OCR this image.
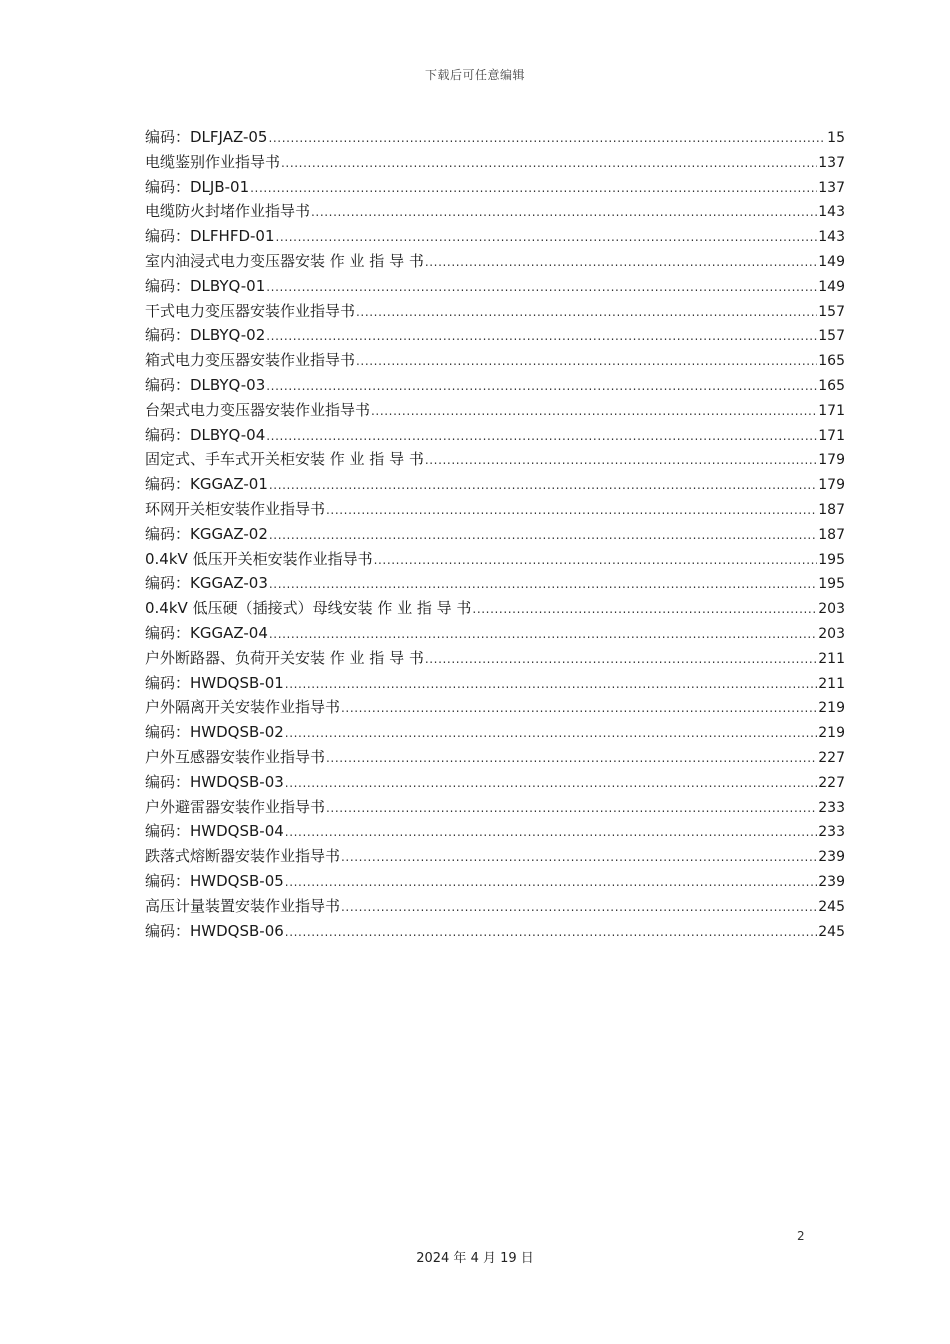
下载后可任意编辑
编码：DLFJAZ-05 .....	15
电缆鉴别作业指导书 .....	137
编码：DLJB-01 .....	137
电缆防火封堵作业指导书 .....	143
编码：DLFHFD-01 .....	143
室内油浸式电力变压器安装 作 业 指 导 书 .....	149
编码：DLBYQ-01 .....	149
干式电力变压器安装作业指导书 .....	157
编码：DLBYQ-02 .....	157
箱式电力变压器安装作业指导书 .....	165
编码：DLBYQ-03 .....	165
台架式电力变压器安装作业指导书 .....	171
编码：DLBYQ-04 .....	171
固定式、手车式开关柜安装 作 业 指 导 书 .....	179
编码：KGGAZ-01 .....	179
环网开关柜安装作业指导书 .....	187
编码：KGGAZ-02 .....	187
0.4kV 低压开关柜安装作业指导书 .....	195
编码：KGGAZ-03 .....	195
0.4kV 低压硬（插接式）母线安装 作 业 指 导 书 .....	203
编码：KGGAZ-04 .....	203
户外断路器、负荷开关安装 作 业 指 导 书 .....	211
编码：HWDQSB-01 .....	211
户外隔离开关安装作业指导书 .....	219
编码：HWDQSB-02 .....	219
户外互感器安装作业指导书 .....	227
编码：HWDQSB-03 .....	227
户外避雷器安装作业指导书 .....	233
编码：HWDQSB-04 .....	233
跌落式熔断器安装作业指导书 .....	239
编码：HWDQSB-05 .....	239
高压计量装置安装作业指导书 .....	245
编码：HWDQSB-06 .....	245
2
2024 年 4 月 19 日
